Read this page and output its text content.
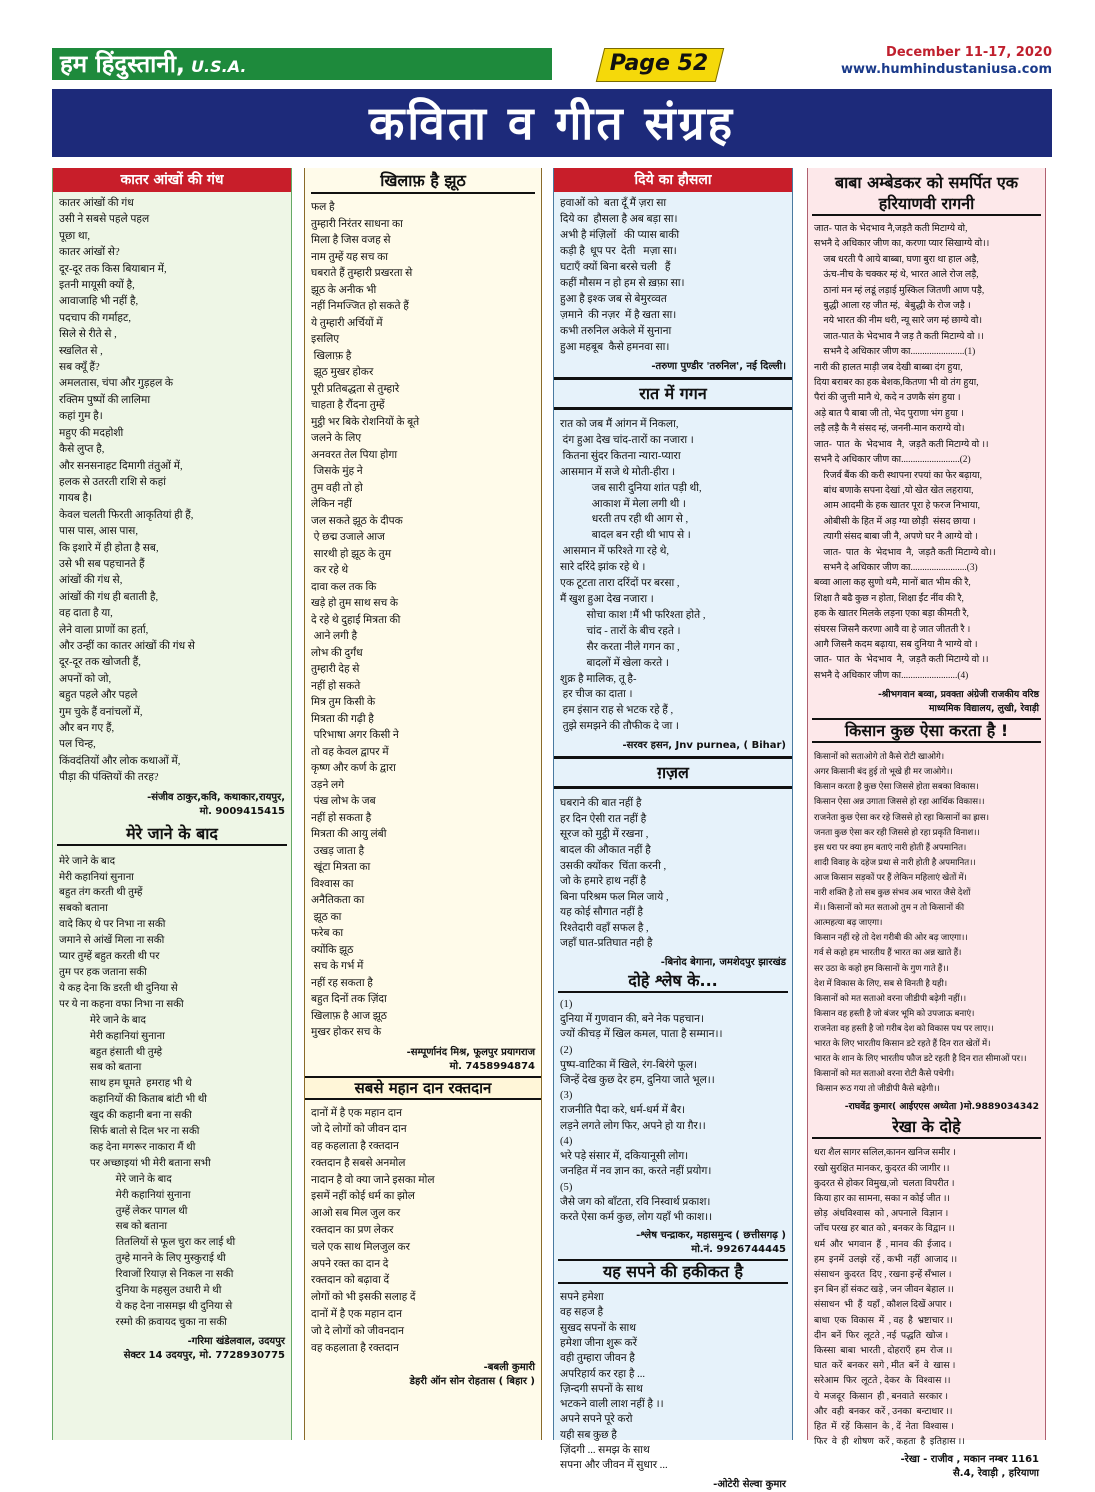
हम हिंदुस्तानी, U.S.A.	Page 52	December 11-17, 2020
www.humhindustaniusa.com
कविता व गीत संग्रह
कातर आंखों की गंध
कातर आंखों की गंध
उसी ने सबसे पहले पहल
पूछा था,
कातर आंखों से?
दूर-दूर तक किस बियाबान में,
इतनी मायूसी क्यों है,
आवाजाहि भी नहीं है,
पदचाप की गर्माहट,
सिले से रीते से ,
स्खलित से ,
सब क्यूँ हैं?
अमलतास, चंपा और गुड़हल के
रक्तिम पुष्पों की लालिमा
कहां गुम है।
महुए की मदहोशी
कैसे लुप्त है,
और सनसनाहट दिमागी तंतुओं में,
हलक से उतरती राशि से कहां
गायब है।
केवल चलती फिरती आकृतियां ही हैं,
पास पास, आस पास,
कि इशारे में ही होता है सब,
उसे भी सब पहचानते हैं
आंखों की गंध से,
आंखों की गंध ही बताती है,
वह दाता है या,
लेने वाला प्राणों का हर्ता,
और उन्हीं का कातर आंखों की गंध से
दूर-दूर तक खोजती हैं,
अपनों को जो,
बहुत पहले और पहले
गुम चुके हैं वनांचलों में,
और बन गए हैं,
पल चिन्ह,
किंवदंतियों और लोक कथाओं में,
पीड़ा की पंक्तियों की तरह?
-संजीव ठाकुर,कवि, कथाकार,रायपुर,
मो. 9009415415
मेरे जाने के बाद
मेरे जाने के बाद
मेरी कहानियां सुनाना
बहुत तंग करती थी तुम्हें
सबको बताना
वादे किए थे पर निभा ना सकी
जमाने से आंखें मिला ना सकी
प्यार तुम्हें बहुत करती थी पर
तुम पर हक जताना सकी
ये कह देना कि डरती थी दुनिया से
पर ये ना कहना वफा निभा ना सकी
मेरे जाने के बाद
मेरी कहानियां सुनाना
बहुत हंसाती थी तुम्हे
सब को बताना
साथ हम घूमते  हमराह भी थे
कहानियों की किताब बांटी भी थी
खुद की कहानी बना ना सकी
सिर्फ बातो से दिल भर ना सकी
कह देना मगरूर नाकारा मैं थी
पर अच्छाइयां भी मेरी बताना सभी
मेरे जाने के बाद
मेरी कहानियां सुनाना
तुम्हें लेकर पागल थी
सब को बताना
तितलियों से फूल चुरा कर लाई थी
तुम्हे मानने के लिए मुस्कुराई थी
रिवाजों रियाज़ से निकल ना सकी
दुनिया के महसुल उधारी मे थी
ये कह देना नासमझ थी दुनिया से
रस्मो की क़वायद चुका ना सकी
-गरिमा खंडेलवाल, उदयपुर
सेक्टर 14 उदयपुर, मो. 7728930775
खिलाफ़ है झूठ
फल है
तुम्हारी निरंतर साधना का
मिला है जिस वजह से
नाम तुम्हें यह सच का
घबराते हैं तुम्हारी प्रखरता से
झूठ के अनीक भी
नहीं निमज्जित हो सकते हैं
ये तुम्हारी अर्चियों में
इसलिए
खिलाफ़ है
झूठ मुखर होकर
पूरी प्रतिबद्धता से तुम्हारे
चाहता है रौंदना तुम्हें
मुट्ठी भर बिके रोशनियों के बूते
जलने के लिए
अनवरत तेल पिया होगा
जिसके मुंह ने
तुम वही तो हो
लेकिन नहीं
जल सकते झूठ के दीपक
ऐ छद्म उजाले आज
सारथी हो झूठ के तुम
कर रहे थे
दावा कल तक कि
खड़े हो तुम साथ सच के
दे रहे थे दुहाई मित्रता की
आने लगी है
लोभ की दुर्गंध
तुम्हारी देह से
नहीं हो सकते
मित्र तुम किसी के
मित्रता की गढ़ी है
परिभाषा अगर किसी ने
तो वह केवल द्वापर में
कृष्ण और कर्ण के द्वारा
उड़ने लगे
पंख लोभ के जब
नहीं हो सकता है
मित्रता की आयु लंबी
उखड़ जाता है
खूंटा मित्रता का
विश्वास का
अनैतिकता का
झूठ का
फरेब का
क्योंकि झूठ
सच के गर्भ में
नहीं रह सकता है
बहुत दिनों तक ज़िंदा
खिलाफ़ है आज झूठ
मुखर होकर सच के
-सम्पूर्णानंद मिश्र, फूलपुर प्रयागराज
मो. 7458994874
सबसे महान दान रक्तदान
दानों में है एक महान दान
जो दे लोगों को जीवन दान
वह कहलाता है रक्तदान
रक्तदान है सबसे अनमोल
नादान है वो क्या जाने इसका मोल
इसमें नहीं कोई धर्म का झोल
आओ सब मिल जुल कर
रक्तदान का प्रण लेकर
चले एक साथ मिलजुल कर
अपने रक्त का दान दे
रक्तदान को बढ़ावा दें
लोगों को भी इसकी सलाह दें
दानों में है एक महान दान
जो दे लोगों को जीवनदान
वह कहलाता है रक्तदान
-बबली कुमारी
डेहरी ऑन सोन रोहतास ( बिहार )
दिये का हौसला
हवाओं को  बता दूँ मैं ज़रा सा
दिये का  हौसला है अब बड़ा सा।
अभी है मंज़िलों   की प्यास बाकी
कड़ी है  धूप पर  देती   मज़ा सा।
घटाएँ क्यों बिना बरसे चली   हैं
कहीं मौसम न हो हम से ख़फ़ा सा।
हुआ है इश्क जब से बेमुरव्वत
ज़माने  की नज़र  में है खता सा।
कभी तरुनिल अकेले में सुनाना
हुआ महबूब  कैसे हमनवा सा।
-तरुणा पुण्डीर 'तरुनिल', नई दिल्ली।
रात में गगन
रात को जब मैं आंगन में निकला,
दंग हुआ देख चांद-तारों का नजारा ।
कितना सुंदर कितना न्यारा-प्यारा
आसमान में सजे थे मोती-हीरा ।
जब सारी दुनिया शांत पड़ी थी,
आकाश में मेला लगी थी ।
धरती तप रही थी आग से ,
बादल बन रही थी भाप से ।
आसमान में फरिश्ते गा रहे थे,
सारे दरिंदे झांक रहे थे ।
एक टूटता तारा दरिंदों पर बरसा ,
मैं खुश हुआ देख नजारा ।
सोचा काश !मैं भी फरिश्ता होते ,
चांद - तारों के बीच रहते ।
सैर करता नीले गगन का ,
बादलों में खेला करते ।
शुक्र है मालिक, तू है-
हर चीज का दाता ।
हम इंसान राह से भटक रहे हैं ,
तुझे समझने की तौफीक दे जा ।
-सरवर हसन, Jnv purnea, ( Bihar)
ग़ज़ल
घबराने की बात नहीं है
हर दिन ऐसी रात नहीं है
सूरज को मुट्ठी में रखना ,
बादल की औकात नहीं है
उसकी क्योंकर  चिंता करनी ,
जो के हमारे हाथ नहीं है
बिना परिश्रम फल मिल जाये ,
यह कोई सौगात नहीं है
रिश्तेदारी वहाँ सफल है ,
जहाँ घात-प्रतिघात नही है
-बिनोद बेगाना, जमशेदपुर झारखंड
दोहे श्लेष के...
(1)
दुनिया में गुणवान की, बने नेक पहचान।
ज्यों कीचड़ में खिल कमल, पाता है सम्मान।।
(2)
पुष्प-वाटिका में खिले, रंग-बिरंगे फूल।
जिन्हें देख कुछ देर हम, दुनिया जाते भूल।।
(3)
राजनीति पैदा करे, धर्म-धर्म में बैर।
लड़ने लगते लोग फिर, अपने हो या ग़ैर।।
(4)
भरे पड़े संसार में, दकियानूसी लोग।
जनहित में नव ज्ञान का, करते नहीं प्रयोग।
(5)
जैसे जग को बाँटता, रवि निस्वार्थ प्रकाश।
करते ऐसा कर्म कुछ, लोग यहाँ भी काश।।
-श्लेष चन्द्राकर, महासमुन्द ( छत्तीसगढ़ )
मो.नं. 9926744445
यह सपने की हकीकत है
सपने हमेशा
वह सहज है
सुखद सपनों के साथ
हमेशा जीना शुरू करें
वही तुम्हारा जीवन है
अपरिहार्य कर रहा है ...
ज़िन्दगी सपनों के साथ
भटकने वाली लाश नहीं है ।।
अपने सपने पूरे करो
यही सब कुछ है
ज़िंदगी ... समझ के साथ
सपना और जीवन में सुधार ...
-ओटेरी सेल्वा कुमार
बाबा अम्बेडकर को समर्पित एक हरियाणवी रागनी
जात- पात के भेदभाव नै,जड़तै कती मिटाग्ये वो,
सभनै दे अधिकार जीण का, करणा प्यार सिखाग्ये वो।।
जब धरती पै आये बाब्बा, घणा बुरा था हाल अड़ै,
ऊंच-नीच के चक्कर म्हं थे, भारत आले रोज लड़ै,
ठानां मन म्हं लडूं लड़ाई मुस्किल जितणी आण पड़ै,
बुद्धी आला रह जीत म्हं,  बेबुद्धी के रोज जड़ै ।
नये भारत की नीम धरी, न्यू सारे जग म्हं छाग्ये वो।
जात-पात के भेदभाव नै जड़ तै कती मिटाग्ये वो ।।
सभनै दे अधिकार जीण का.......................(1)
नारी की हालत माड़ी जब देखी बाब्बा दंग हुया,
दिया बराबर का हक बेशक,कितणा भी वो तंग हुया,
पैरां की जुत्ती मानै थे, कदे न उणकै संग हुया ।
अड़े बात पै बाबा जी तो, भेद पुराणा भंग हुया ।
लड़ै लड़ै कै नै संसद म्हं, जननी-मान कराग्ये वो।
जात-  पात  के  भेदभाव  नै,  जड़तै कती मिटाग्ये वो ।।
सभनै दे अधिकार जीण का.........................(2)
रिजर्व बैंक की करी स्थापना रपयां का फेर बढ़ाया,
बांध बणाके सपना देखां ,यो खेत खेत लहराया,
आम आदमी के हक खातर पूरा हे फरज निभाया,
ओबीसी के हित में अड़ ग्या छोड़ी  संसद छाया ।
त्यागी संसद बाबा जी नै, अपणे घर नै आग्ये वो ।
जात-  पात  के  भेदभाव  नै,  जड़तै कती मिटाग्ये वो।।
सभनै दे अधिकार जीण का........................(3)
बव्वा आला कह सुणो थमै, मानों बात भीम की रै,
शिक्षा तै बढै कुछ न होता, शिक्षा ईंट नींव की रै,
हक के खातर मिलके लड़ना एका बड़ा कीमती रै,
संघरस जिसनै करणा आवै वा हे जात जीतती रै ।
आगै जिसनै कदम बढ़ाया, सब दुनिया नै भाग्ये वो ।
जात-  पात  के  भेदभाव  नै,  जड़तै कती मिटाग्ये वो ।।
सभनै दे अधिकार जीण का........................(4)
-श्रीभगवान बव्वा, प्रवक्ता अंग्रेजी राजकीय वरिष्ठ
माध्यमिक विद्यालय, लुखी, रेवाड़ी
किसान कुछ ऐसा करता है !
किसानों को सताओगे तो कैसे रोटी खाओगे।
अगर किसानी बंद हुई तो भूखे ही मर जाओगे।।
किसान करता है कुछ ऐसा जिससे होता सबका विकास।
किसान ऐसा अन्न उगाता जिससे हो रहा आर्थिक विकास।।
राजनेता कुछ ऐसा कर रहे जिससे हो रहा किसानों का ह्रास।
जनता कुछ ऐसा कर रही जिससे हो रहा प्रकृति विनाश।।
इस धरा पर क्या हम बताएं नारी होती हैं अपमानित।
शादी विवाह के दहेज प्रथा से नारी होती है अपमानित।।
आज किसान सड़कों पर हैं लेकिन महिलाएं खेतों में।
नारी शक्ति है तो सब कुछ संभव अब भारत जैसे देशों
में।। किसानों को मत सताओ तुम न तो किसानों की
आत्महत्या बढ़ जाएगा।
किसान नहीं रहे तो देश गरीबी की ओर बढ़ जाएगा।।
गर्व से कहो हम भारतीय हैं भारत का अन्न खाते हैं।
सर उठा के कहो हम किसानों के गुण गाते हैं।।
देश में विकास के लिए, सब से विनती है यही।
किसानों को मत सताओ वरना जीडीपी बढ़ेगी नहीं।।
किसान वह हस्ती है जो बंजर भूमि को उपजाऊ बनाएं।
राजनेता वह हस्ती है जो गरीब देश को विकास पथ पर लाए।।
भारत के लिए भारतीय किसान डटे रहते हैं दिन रात खेतों में।
भारत के शान के लिए भारतीय फौज डटे रहती है दिन रात सीमाओं पर।।
किसानों को मत सताओ वरना रोटी कैसे पचेगी।
किसान रूठ गया तो जीडीपी कैसे बढ़ेगी।।
-राघवेंद्र कुमार( आईएएस अध्येता )मो.9889034342
रेखा के दोहे
धरा शैल सागर सलिल,कानन खनिज समीर ।
रखो सुरक्षित मानकर, कुदरत की जागीर ।।
कुदरत से होकर विमुख,जो  चलता विपरीत ।
किया हार का सामना, सका न कोई जीत ।।
छोड़  अंधविश्वास  को , अपनाले  विज्ञान ।
जाँच परख हर बात को , बनकर के विद्वान ।।
धर्म  और  भगवान  हैं  , मानव  की  ईजाद ।
हम  इनमें  उलझे  रहें , कभी  नहीं  आजाद ।।
संसाधन  कुदरत  दिए , रखना इन्हें सँभाल ।
इन बिन हों संकट खड़े , जन जीवन बेहाल ।।
संसाधन  भी  हैं  यहाँ , कौशल दिखें अपार ।
बाधा  एक  विकास  में  , वह  है  भ्रष्टाचार ।।
दीन  बनें  फिर  लूटते , नई  पद्धति  खोज ।
किस्सा  बाबा  भारती , दोहराएँ  हम  रोज ।।
घात  करें  बनकर  सगे , मीत  बनें  वे  खास ।
सरेआम  फिर  लूटते , देकर  के  विश्वास ।।
ये  मजदूर  किसान  ही , बनवाते  सरकार ।
और  वही  बनकर  करें , उनका  बन्टाधार ।।
हित  में  रहें  किसान  के , दें  नेता  विश्वास ।
फिर  वे  ही  शोषण  करें , कहता  है  इतिहास ।।
-रेखा - राजीव , मकान नम्बर 1161
सै.4, रेवाड़ी , हरियाणा
